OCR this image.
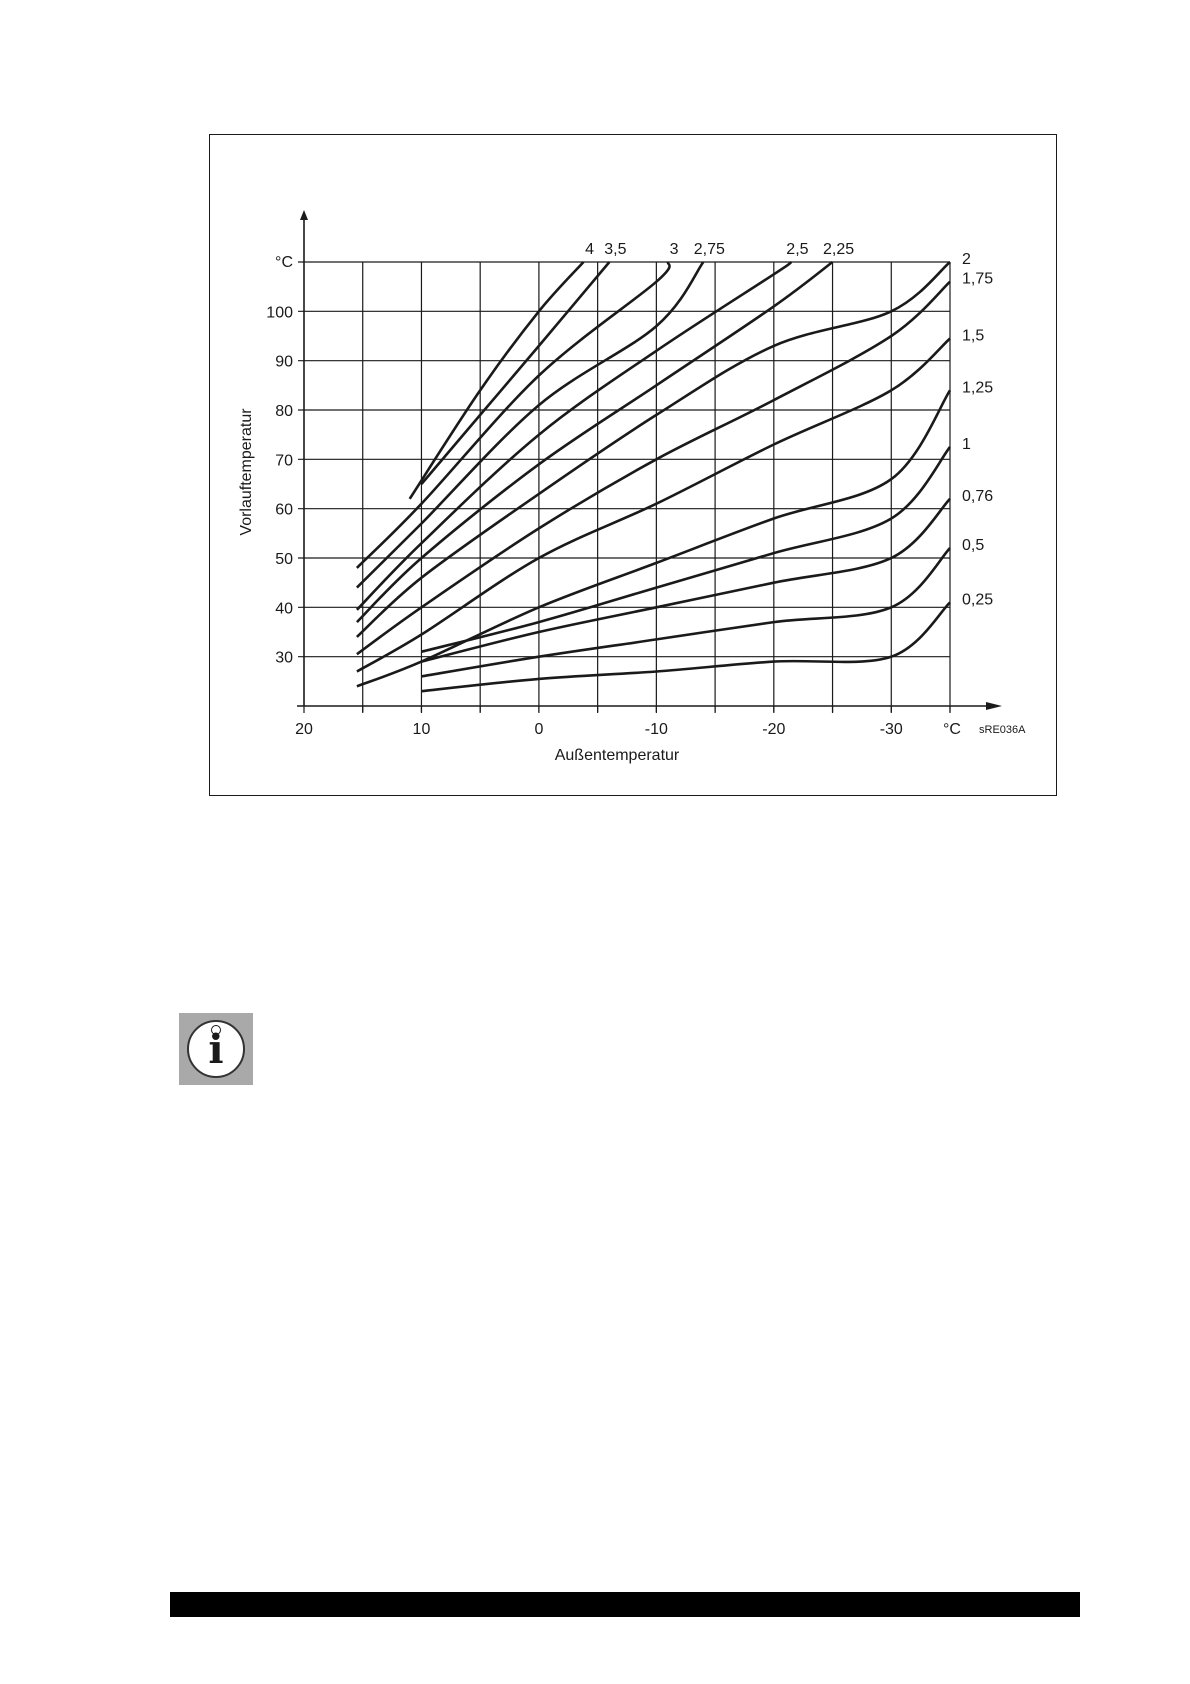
°C
°C sRE036A
Außentemperatur
Vorlauftemperatur
20	10	0	-10	-20	-30
30
40
50
60
70
80
90
100
4 3,5	3 2,75	2,5 2,25
2
1,75
1,5
1,25
1
0,76
0,5
0,25
i
